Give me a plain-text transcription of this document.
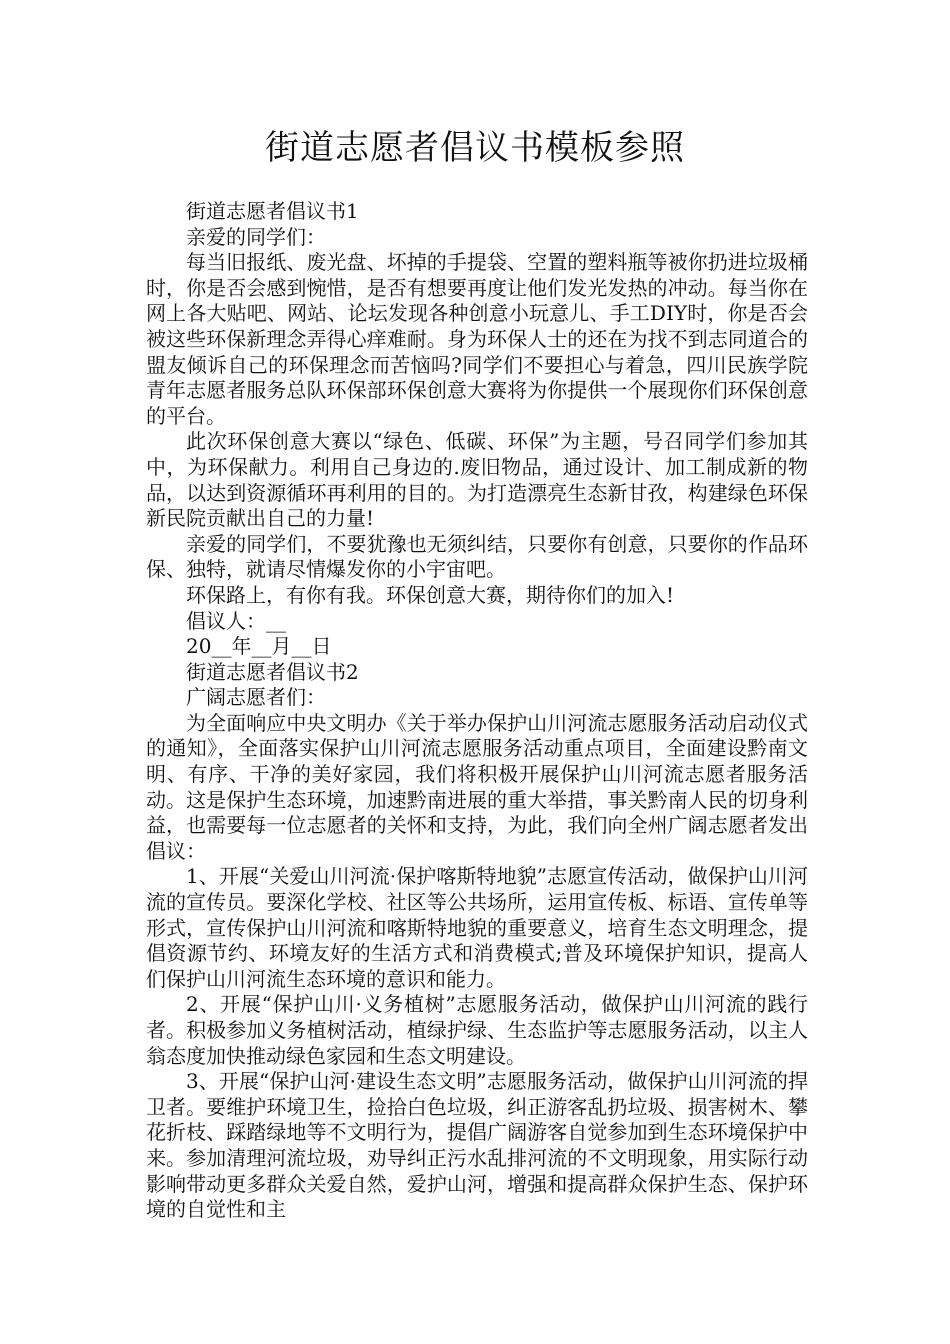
街道志愿者倡议书模板参照

街道志愿者倡议书1

亲爱的同学们：

每当旧报纸、废光盘、坏掉的手提袋、空置的塑料瓶等被你扔进垃圾桶时，你是否会感到惋惜，是否有想要再度让他们发光发热的冲动。每当你在网上各大贴吧、网站、论坛发现各种创意小玩意儿、手工DIY时，你是否会被这些环保新理念弄得心痒难耐。身为环保人士的还在为找不到志同道合的盟友倾诉自己的环保理念而苦恼吗?同学们不要担心与着急，四川民族学院青年志愿者服务总队环保部环保创意大赛将为你提供一个展现你们环保创意的平台。

此次环保创意大赛以“绿色、低碳、环保”为主题，号召同学们参加其中，为环保献力。利用自己身边的.废旧物品，通过设计、加工制成新的物品，以达到资源循环再利用的目的。为打造漂亮生态新甘孜，构建绿色环保新民院贡献出自己的力量!

亲爱的同学们，不要犹豫也无须纠结，只要你有创意，只要你的作品环保、独特，就请尽情爆发你的小宇宙吧。

环保路上，有你有我。环保创意大赛，期待你们的加入!

倡议人：__

20__年__月__日

街道志愿者倡议书2

广阔志愿者们：

为全面响应中央文明办《关于举办保护山川河流志愿服务活动启动仪式的通知》，全面落实保护山川河流志愿服务活动重点项目，全面建设黔南文明、有序、干净的美好家园，我们将积极开展保护山川河流志愿者服务活动。这是保护生态环境，加速黔南进展的重大举措，事关黔南人民的切身利益，也需要每一位志愿者的关怀和支持，为此，我们向全州广阔志愿者发出倡议：

1、开展“关爱山川河流·保护喀斯特地貌”志愿宣传活动，做保护山川河流的宣传员。要深化学校、社区等公共场所，运用宣传板、标语、宣传单等形式，宣传保护山川河流和喀斯特地貌的重要意义，培育生态文明理念，提倡资源节约、环境友好的生活方式和消费模式;普及环境保护知识，提高人们保护山川河流生态环境的意识和能力。

2、开展“保护山川·义务植树”志愿服务活动，做保护山川河流的践行者。积极参加义务植树活动，植绿护绿、生态监护等志愿服务活动，以主人翁态度加快推动绿色家园和生态文明建设。

3、开展“保护山河·建设生态文明”志愿服务活动，做保护山川河流的捍卫者。要维护环境卫生，捡拾白色垃圾，纠正游客乱扔垃圾、损害树木、攀花折枝、踩踏绿地等不文明行为，提倡广阔游客自觉参加到生态环境保护中来。参加清理河流垃圾，劝导纠正污水乱排河流的不文明现象，用实际行动影响带动更多群众关爱自然，爱护山河，增强和提高群众保护生态、保护环境的自觉性和主
